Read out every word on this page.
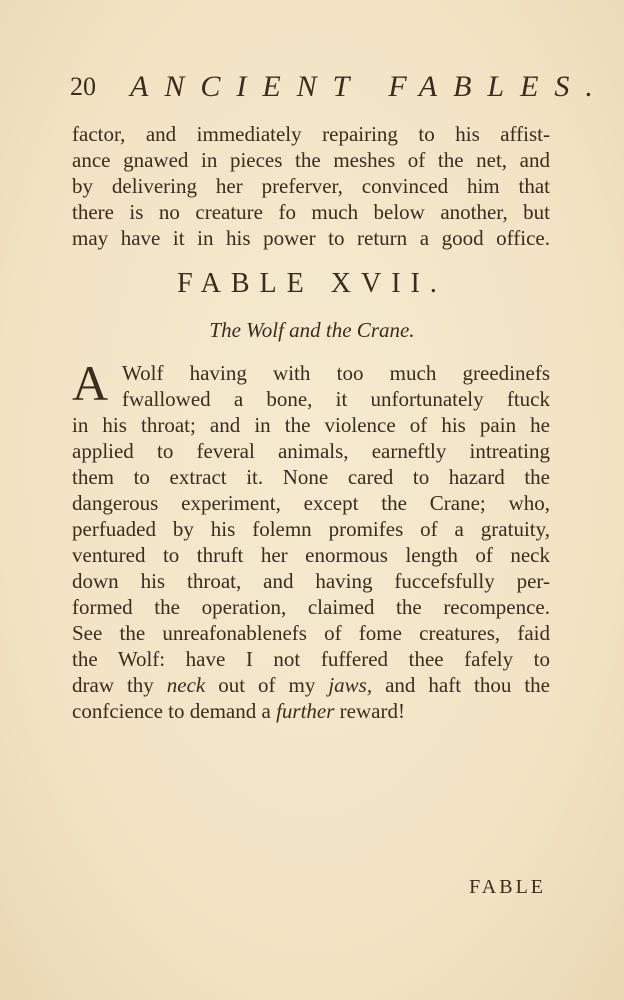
20 ANCIENT FABLES.
factor, and immediately repairing to his affist-
ance gnawed in pieces the meshes of the net, and
by delivering her preferver, convinced him that
there is no creature fo much below another, but
may have it in his power to return a good office.
FABLE XVII.
The Wolf and the Crane.
A Wolf having with too much greedinefs
fwallowed a bone, it unfortunately ftuck
in his throat; and in the violence of his pain he
applied to feveral animals, earneftly intreating
them to extract it. None cared to hazard the
dangerous experiment, except the Crane; who,
perfuaded by his folemn promifes of a gratuity,
ventured to thruft her enormous length of neck
down his throat, and having fuccefsfully per-
formed the operation, claimed the recompence.
See the unreafonablenefs of fome creatures, faid
the Wolf: have I not fuffered thee fafely to
draw thy neck out of my jaws, and haft thou the
confcience to demand a further reward!
FABLE
